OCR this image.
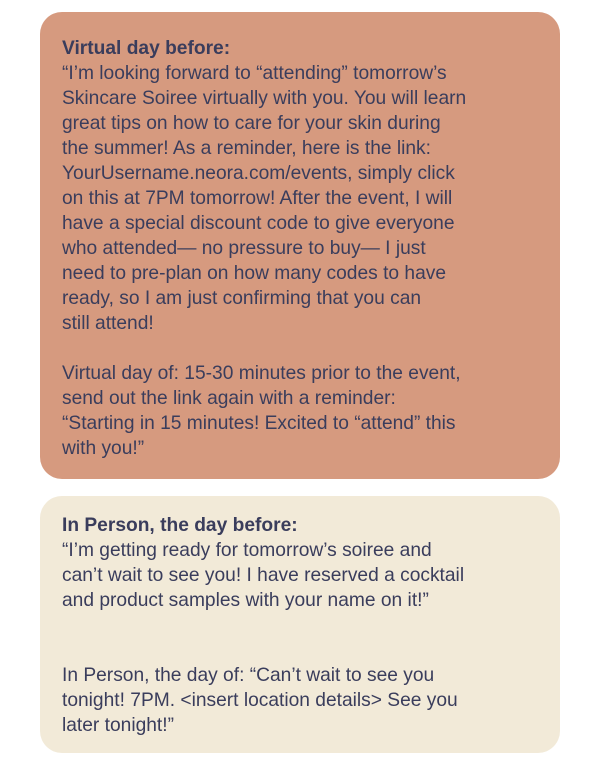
Virtual day before:

“I’m looking forward to “attending” tomorrow’s
Skincare Soiree virtually with you. You will learn
great tips on how to care for your skin during
the summer! As a reminder, here is the link:
YourUsername.neora.com/events, simply click
on this at 7PM tomorrow! After the event, I will
have a special discount code to give everyone
who attended— no pressure to buy— I just
need to pre-plan on how many codes to have
ready, so I am just confirming that you can
still attend!

Virtual day of: 15-30 minutes prior to the event,
send out the link again with a reminder:
“Starting in 15 minutes! Excited to “attend” this
with you!”

In Person, the day before:

“I’m getting ready for tomorrow’s soiree and
can’t wait to see you! I have reserved a cocktail
and product samples with your name on it!”

In Person, the day of: “Can’t wait to see you
tonight! 7PM. <insert location details> See you
later tonight!”
